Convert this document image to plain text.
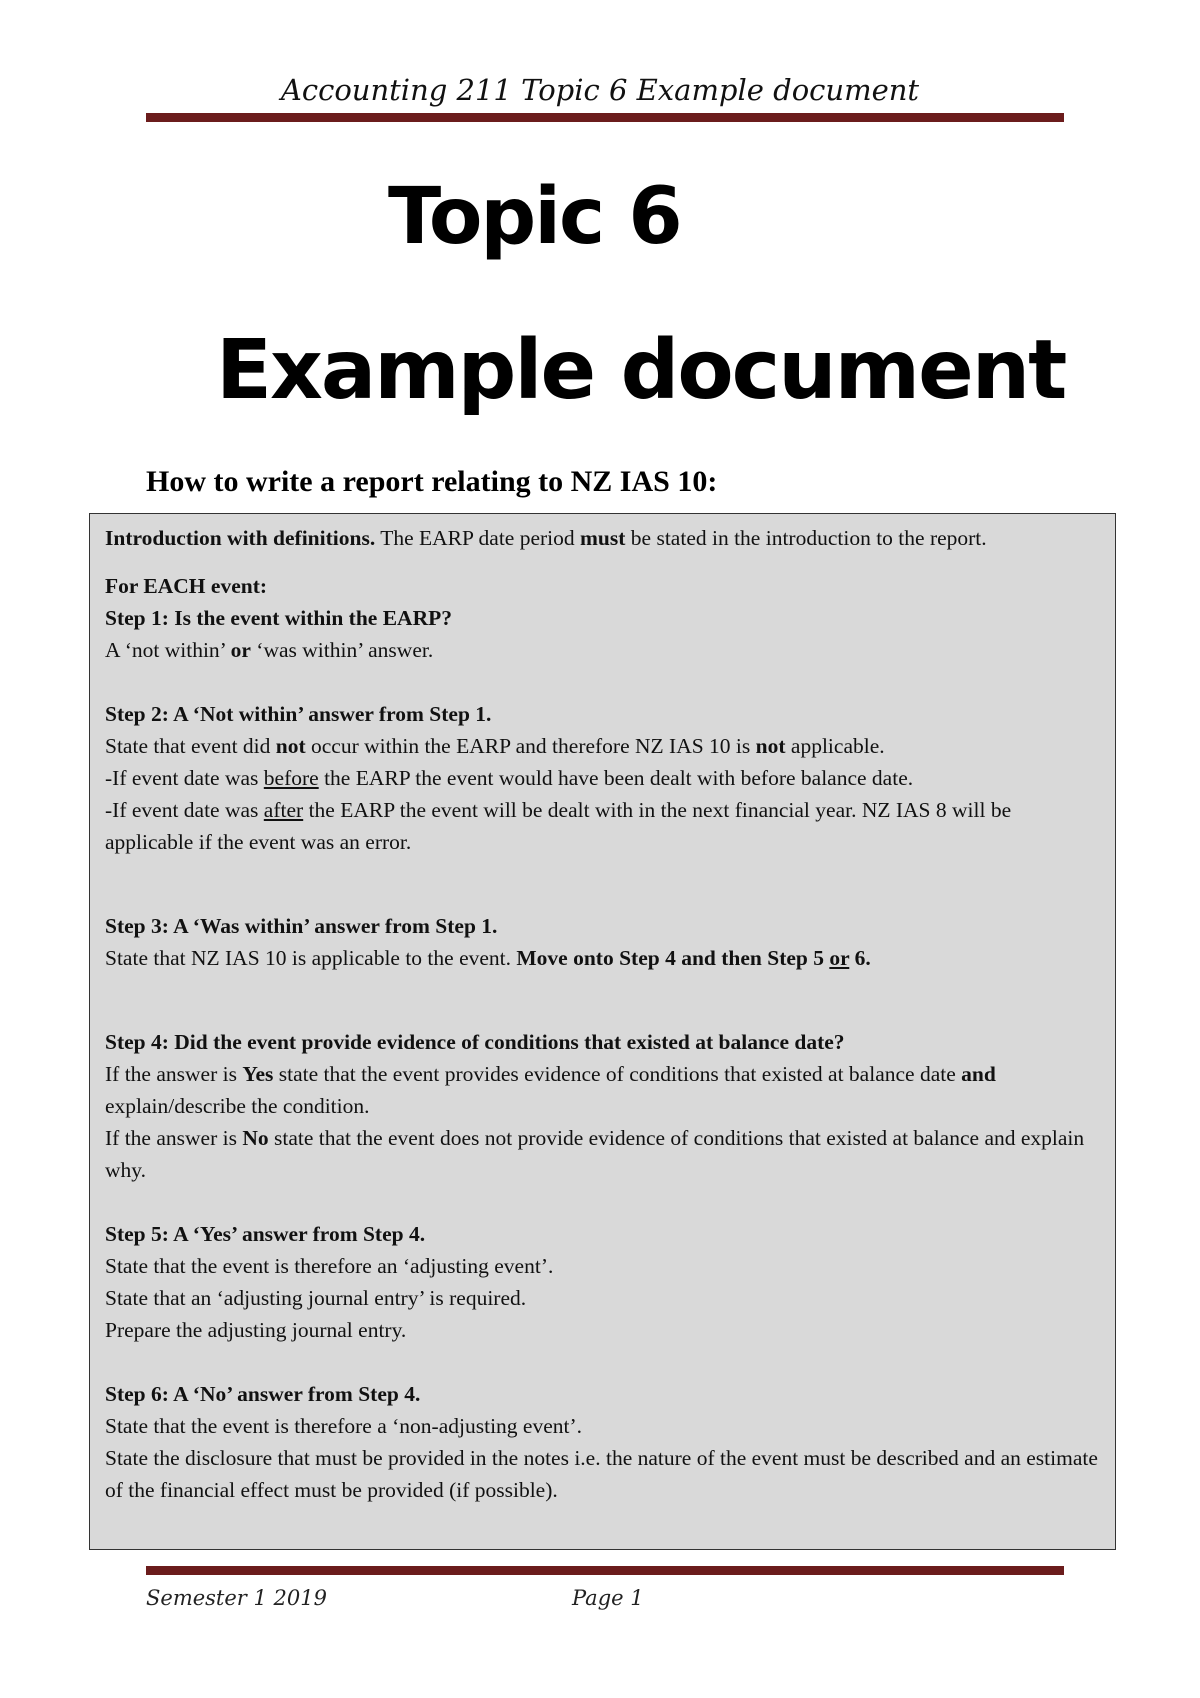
Accounting 211 Topic 6 Example document
Topic 6
Example document
How to write a report relating to NZ IAS 10:

Introduction with definitions. The EARP date period must be stated in the introduction to the report.

For EACH event:

Step 1: Is the event within the EARP?

A ‘not within’ or ‘was within’ answer.

Step 2: A ‘Not within’ answer from Step 1.

State that event did not occur within the EARP and therefore NZ IAS 10 is not applicable.

-If event date was before the EARP the event would have been dealt with before balance date.

-If event date was after the EARP the event will be dealt with in the next financial year. NZ IAS 8 will be applicable if the event was an error.

Step 3: A ‘Was within’ answer from Step 1.

State that NZ IAS 10 is applicable to the event. Move onto Step 4 and then Step 5 or 6.

Step 4: Did the event provide evidence of conditions that existed at balance date?

If the answer is Yes state that the event provides evidence of conditions that existed at balance date and explain/describe the condition.

If the answer is No state that the event does not provide evidence of conditions that existed at balance and explain why.

Step 5: A ‘Yes’ answer from Step 4.

State that the event is therefore an ‘adjusting event’.

State that an ‘adjusting journal entry’ is required.

Prepare the adjusting journal entry.

Step 6: A ‘No’ answer from Step 4.

State that the event is therefore a ‘non-adjusting event’.

State the disclosure that must be provided in the notes i.e. the nature of the event must be described and an estimate of the financial effect must be provided (if possible).

Semester 1 2019	Page 1
